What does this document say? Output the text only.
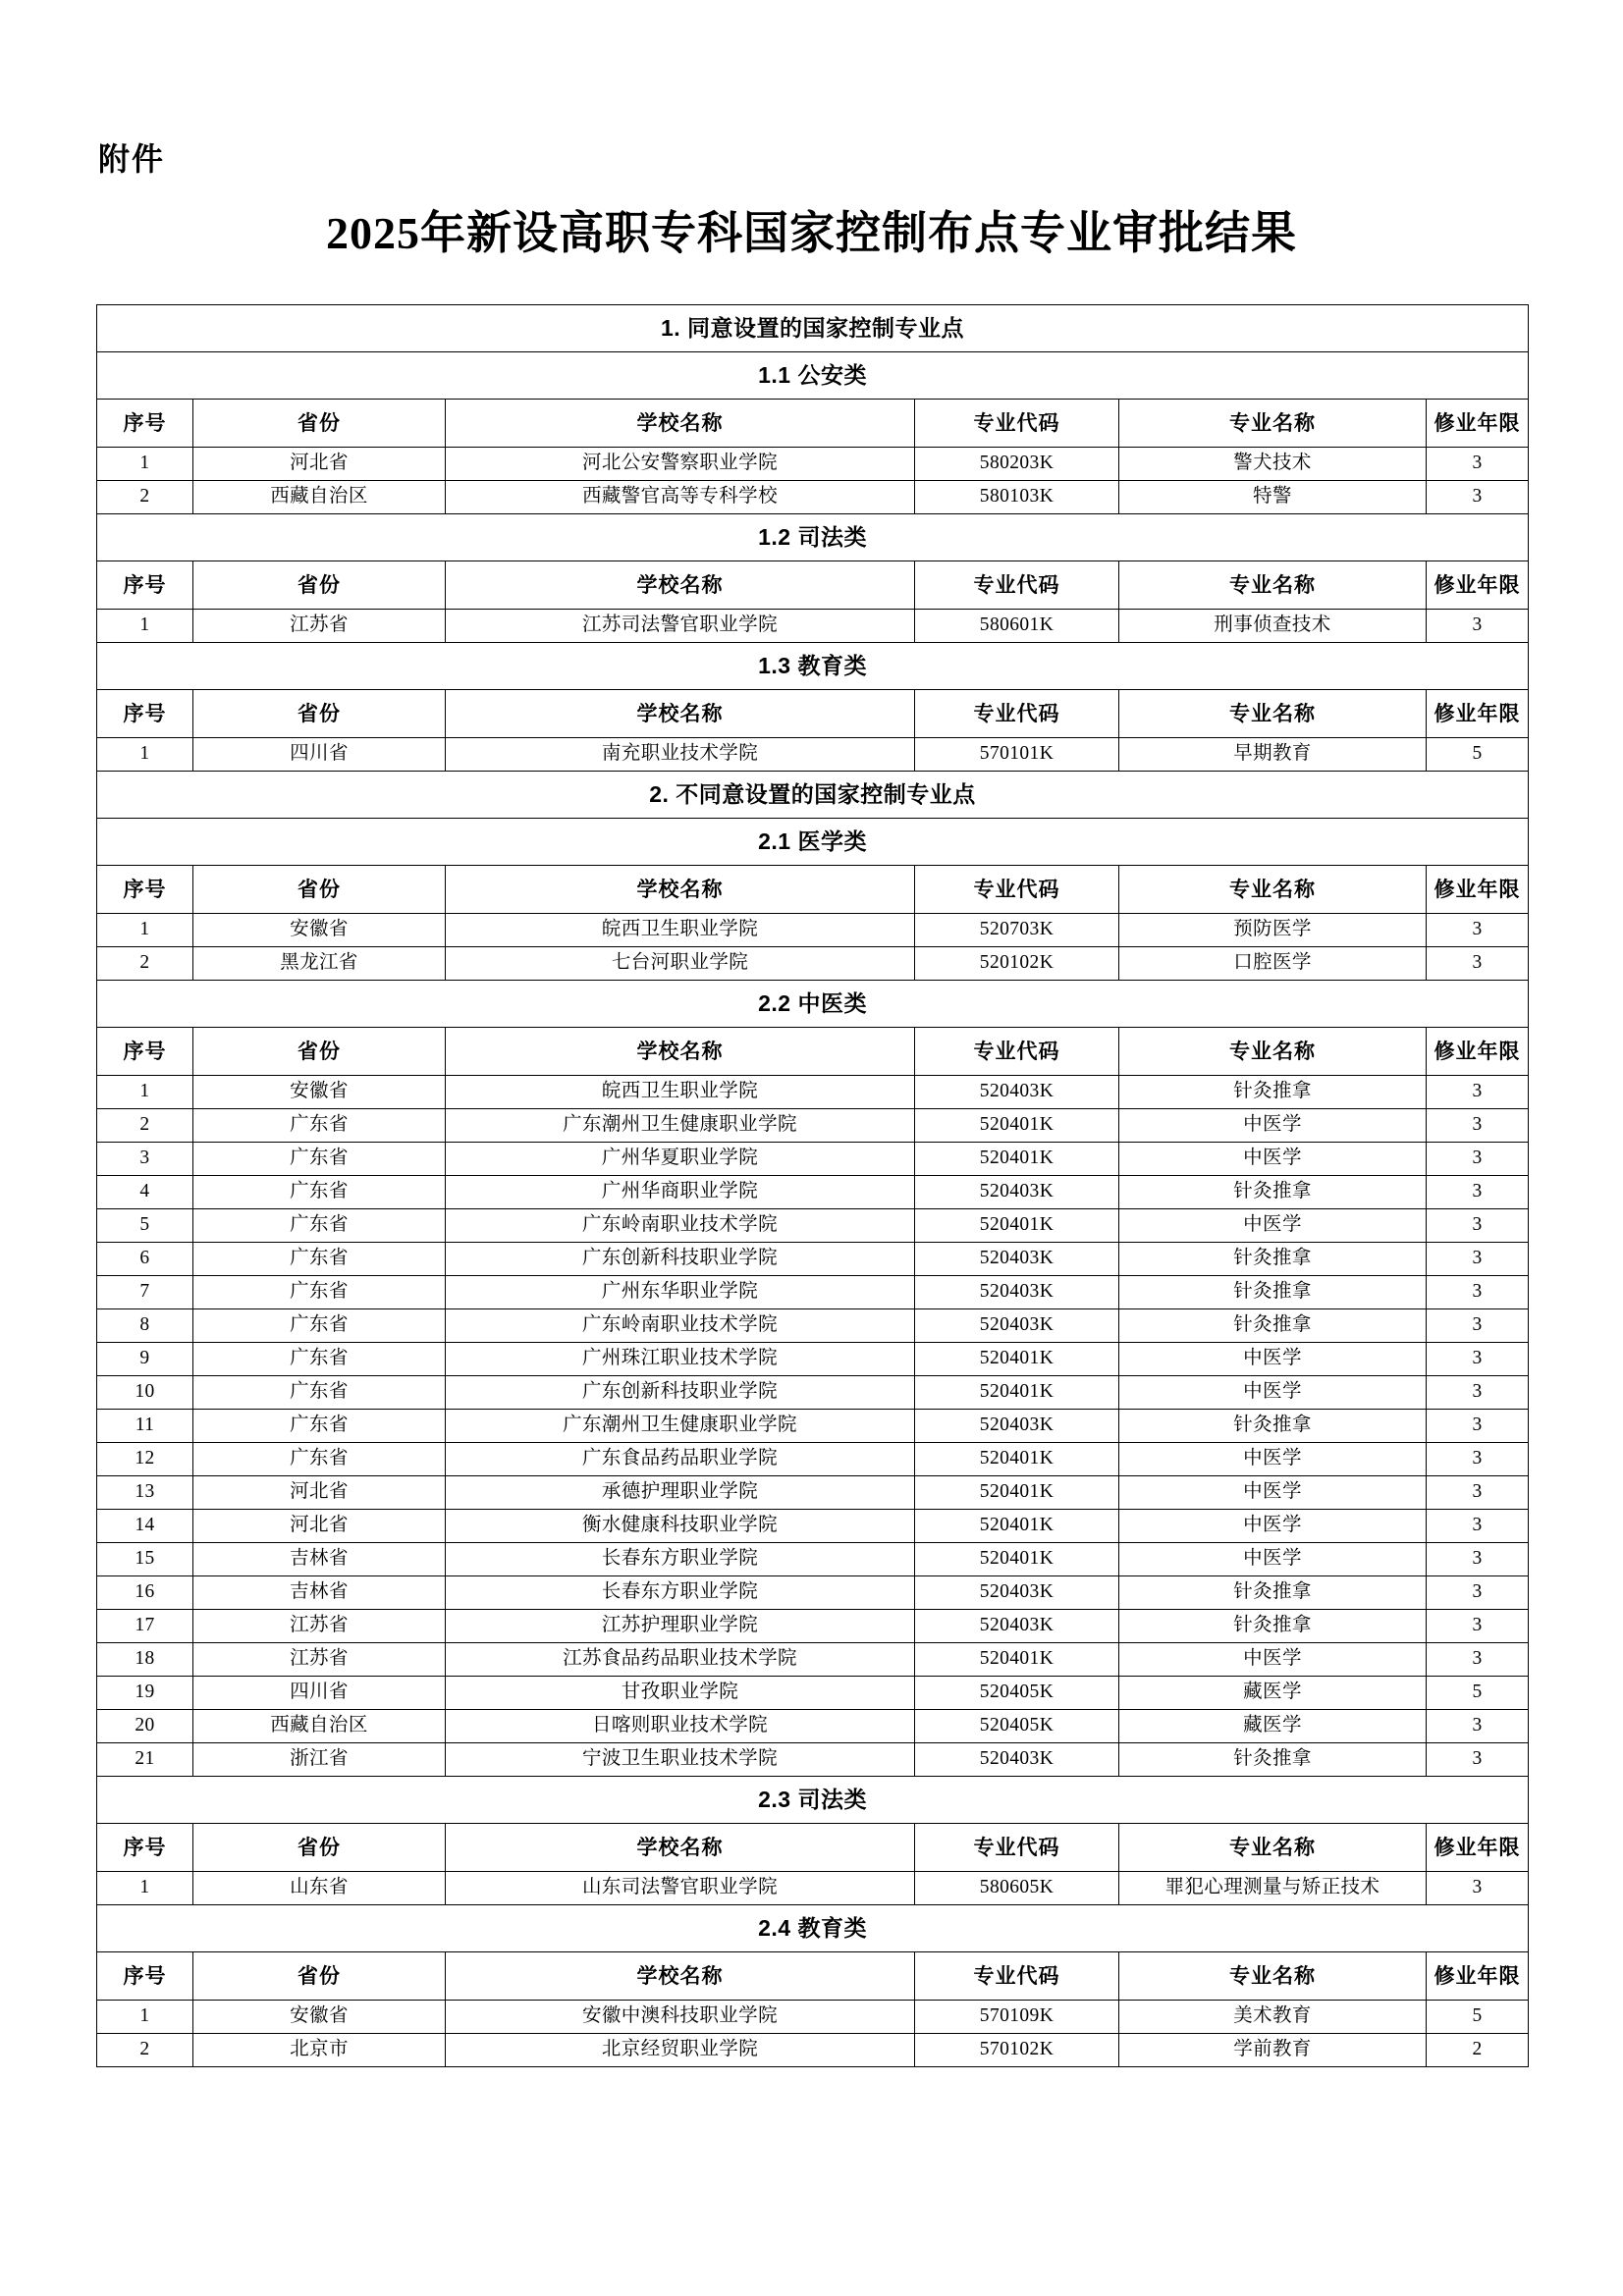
附件
2025年新设高职专科国家控制布点专业审批结果
1. 同意设置的国家控制专业点					
1.1 公安类					
序号	省份	学校名称	专业代码	专业名称	修业年限
1	河北省	河北公安警察职业学院	580203K	警犬技术	3
2	西藏自治区	西藏警官高等专科学校	580103K	特警	3
1.2 司法类					
序号	省份	学校名称	专业代码	专业名称	修业年限
1	江苏省	江苏司法警官职业学院	580601K	刑事侦查技术	3
1.3 教育类					
序号	省份	学校名称	专业代码	专业名称	修业年限
1	四川省	南充职业技术学院	570101K	早期教育	5
2. 不同意设置的国家控制专业点					
2.1 医学类					
序号	省份	学校名称	专业代码	专业名称	修业年限
1	安徽省	皖西卫生职业学院	520703K	预防医学	3
2	黑龙江省	七台河职业学院	520102K	口腔医学	3
2.2 中医类					
序号	省份	学校名称	专业代码	专业名称	修业年限
1	安徽省	皖西卫生职业学院	520403K	针灸推拿	3
2	广东省	广东潮州卫生健康职业学院	520401K	中医学	3
3	广东省	广州华夏职业学院	520401K	中医学	3
4	广东省	广州华商职业学院	520403K	针灸推拿	3
5	广东省	广东岭南职业技术学院	520401K	中医学	3
6	广东省	广东创新科技职业学院	520403K	针灸推拿	3
7	广东省	广州东华职业学院	520403K	针灸推拿	3
8	广东省	广东岭南职业技术学院	520403K	针灸推拿	3
9	广东省	广州珠江职业技术学院	520401K	中医学	3
10	广东省	广东创新科技职业学院	520401K	中医学	3
11	广东省	广东潮州卫生健康职业学院	520403K	针灸推拿	3
12	广东省	广东食品药品职业学院	520401K	中医学	3
13	河北省	承德护理职业学院	520401K	中医学	3
14	河北省	衡水健康科技职业学院	520401K	中医学	3
15	吉林省	长春东方职业学院	520401K	中医学	3
16	吉林省	长春东方职业学院	520403K	针灸推拿	3
17	江苏省	江苏护理职业学院	520403K	针灸推拿	3
18	江苏省	江苏食品药品职业技术学院	520401K	中医学	3
19	四川省	甘孜职业学院	520405K	藏医学	5
20	西藏自治区	日喀则职业技术学院	520405K	藏医学	3
21	浙江省	宁波卫生职业技术学院	520403K	针灸推拿	3
2.3 司法类					
序号	省份	学校名称	专业代码	专业名称	修业年限
1	山东省	山东司法警官职业学院	580605K	罪犯心理测量与矫正技术	3
2.4 教育类					
序号	省份	学校名称	专业代码	专业名称	修业年限
1	安徽省	安徽中澳科技职业学院	570109K	美术教育	5
2	北京市	北京经贸职业学院	570102K	学前教育	2
